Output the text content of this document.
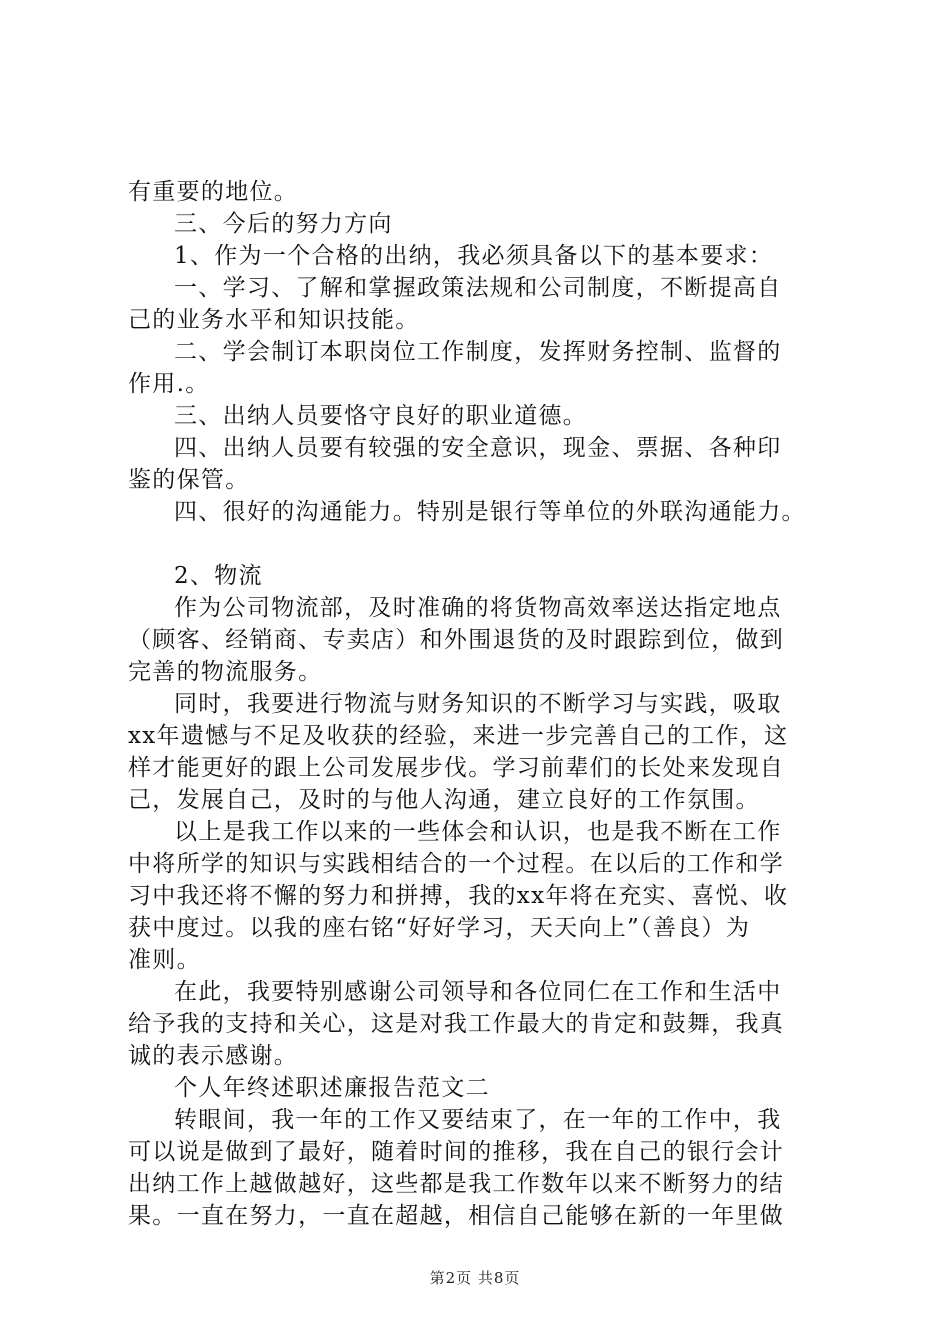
有重要的地位。
三、今后的努力方向
1、作为一个合格的出纳，我必须具备以下的基本要求：
一、学习、了解和掌握政策法规和公司制度，不断提高自
己的业务水平和知识技能。
二、学会制订本职岗位工作制度，发挥财务控制、监督的
作用.。
三、出纳人员要恪守良好的职业道德。
四、出纳人员要有较强的安全意识，现金、票据、各种印
鉴的保管。
四、很好的沟通能力。特别是银行等单位的外联沟通能力。
2、物流
作为公司物流部，及时准确的将货物高效率送达指定地点
（顾客、经销商、专卖店）和外围退货的及时跟踪到位，做到
完善的物流服务。
同时，我要进行物流与财务知识的不断学习与实践，吸取
xx年遗憾与不足及收获的经验，来进一步完善自己的工作，这
样才能更好的跟上公司发展步伐。学习前辈们的长处来发现自
己，发展自己，及时的与他人沟通，建立良好的工作氛围。
以上是我工作以来的一些体会和认识，也是我不断在工作
中将所学的知识与实践相结合的一个过程。在以后的工作和学
习中我还将不懈的努力和拼搏，我的xx年将在充实、喜悦、收
获中度过。以我的座右铭“好好学习，天天向上”（善良）为
准则。
在此，我要特别感谢公司领导和各位同仁在工作和生活中
给予我的支持和关心，这是对我工作最大的肯定和鼓舞，我真
诚的表示感谢。
个人年终述职述廉报告范文二
转眼间，我一年的工作又要结束了，在一年的工作中，我
可以说是做到了最好，随着时间的推移，我在自己的银行会计
出纳工作上越做越好，这些都是我工作数年以来不断努力的结
果。一直在努力，一直在超越，相信自己能够在新的一年里做
第2页 共8页
